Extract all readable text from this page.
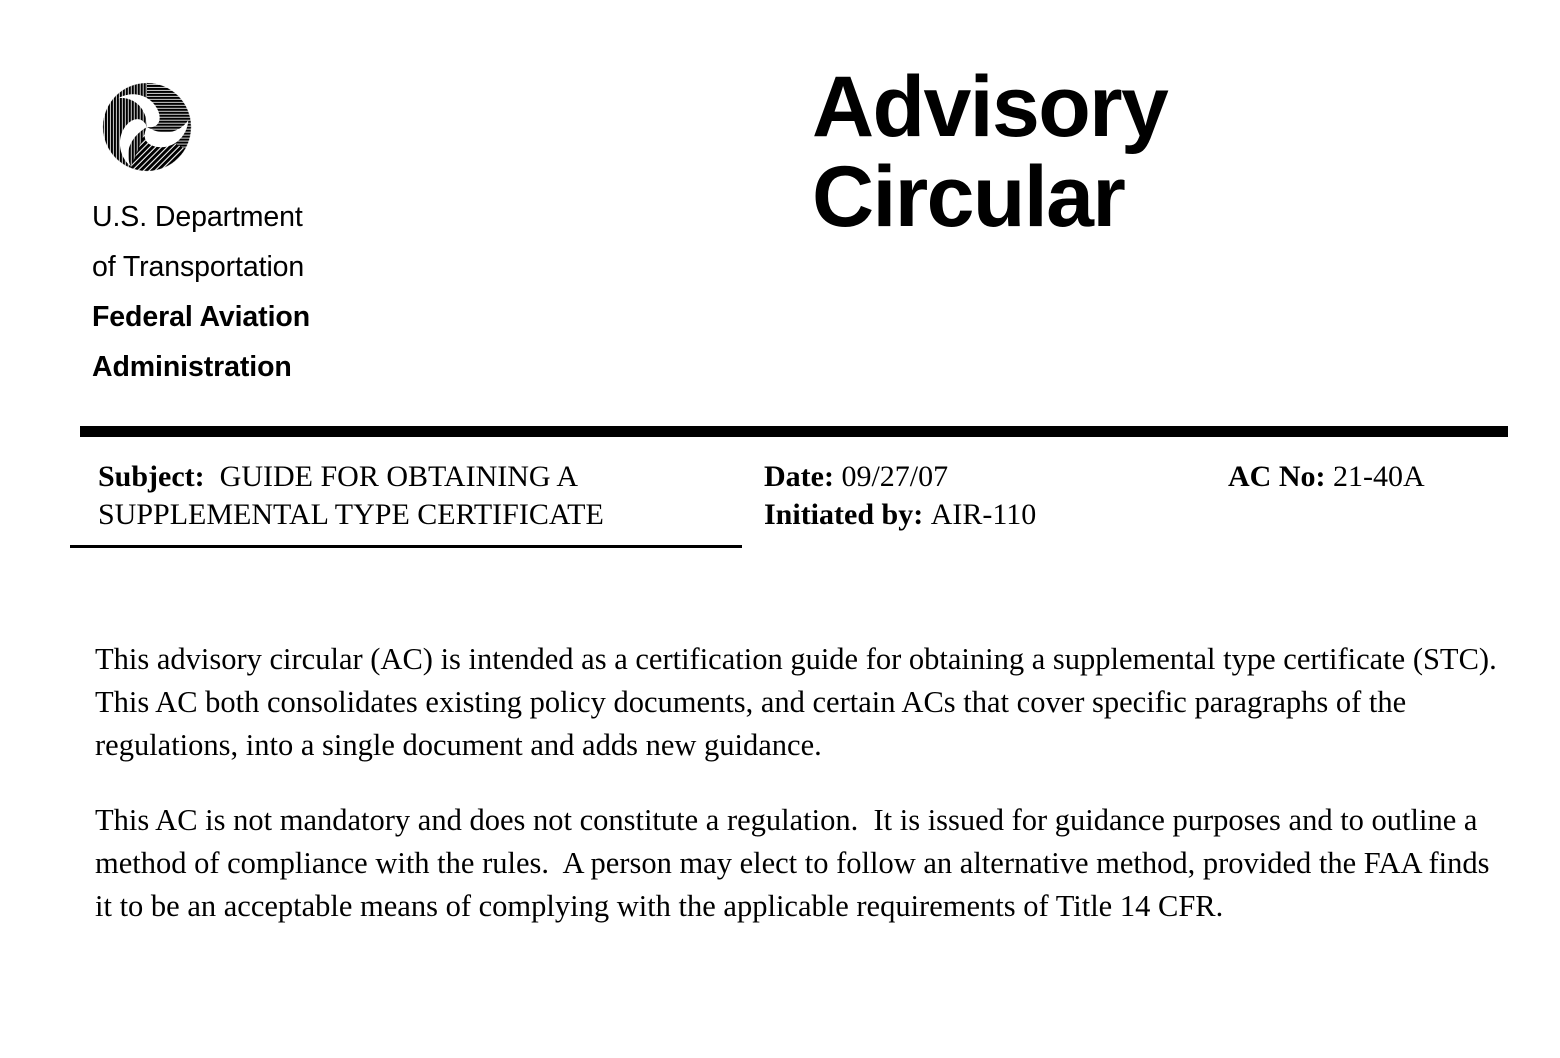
U.S. Department
of Transportation
Federal Aviation
Administration
Advisory
Circular
Subject: GUIDE FOR OBTAINING A SUPPLEMENTAL TYPE CERTIFICATE
Date: 09/27/07	AC No: 21-40A
Initiated by: AIR-110

This advisory circular (AC) is intended as a certification guide for obtaining a supplemental type certificate (STC).  This AC both consolidates existing policy documents, and certain ACs that cover specific paragraphs of the regulations, into a single document and adds new guidance.

This AC is not mandatory and does not constitute a regulation.  It is issued for guidance purposes and to outline a method of compliance with the rules.  A person may elect to follow an alternative method, provided the FAA finds it to be an acceptable means of complying with the applicable requirements of Title 14 CFR.
